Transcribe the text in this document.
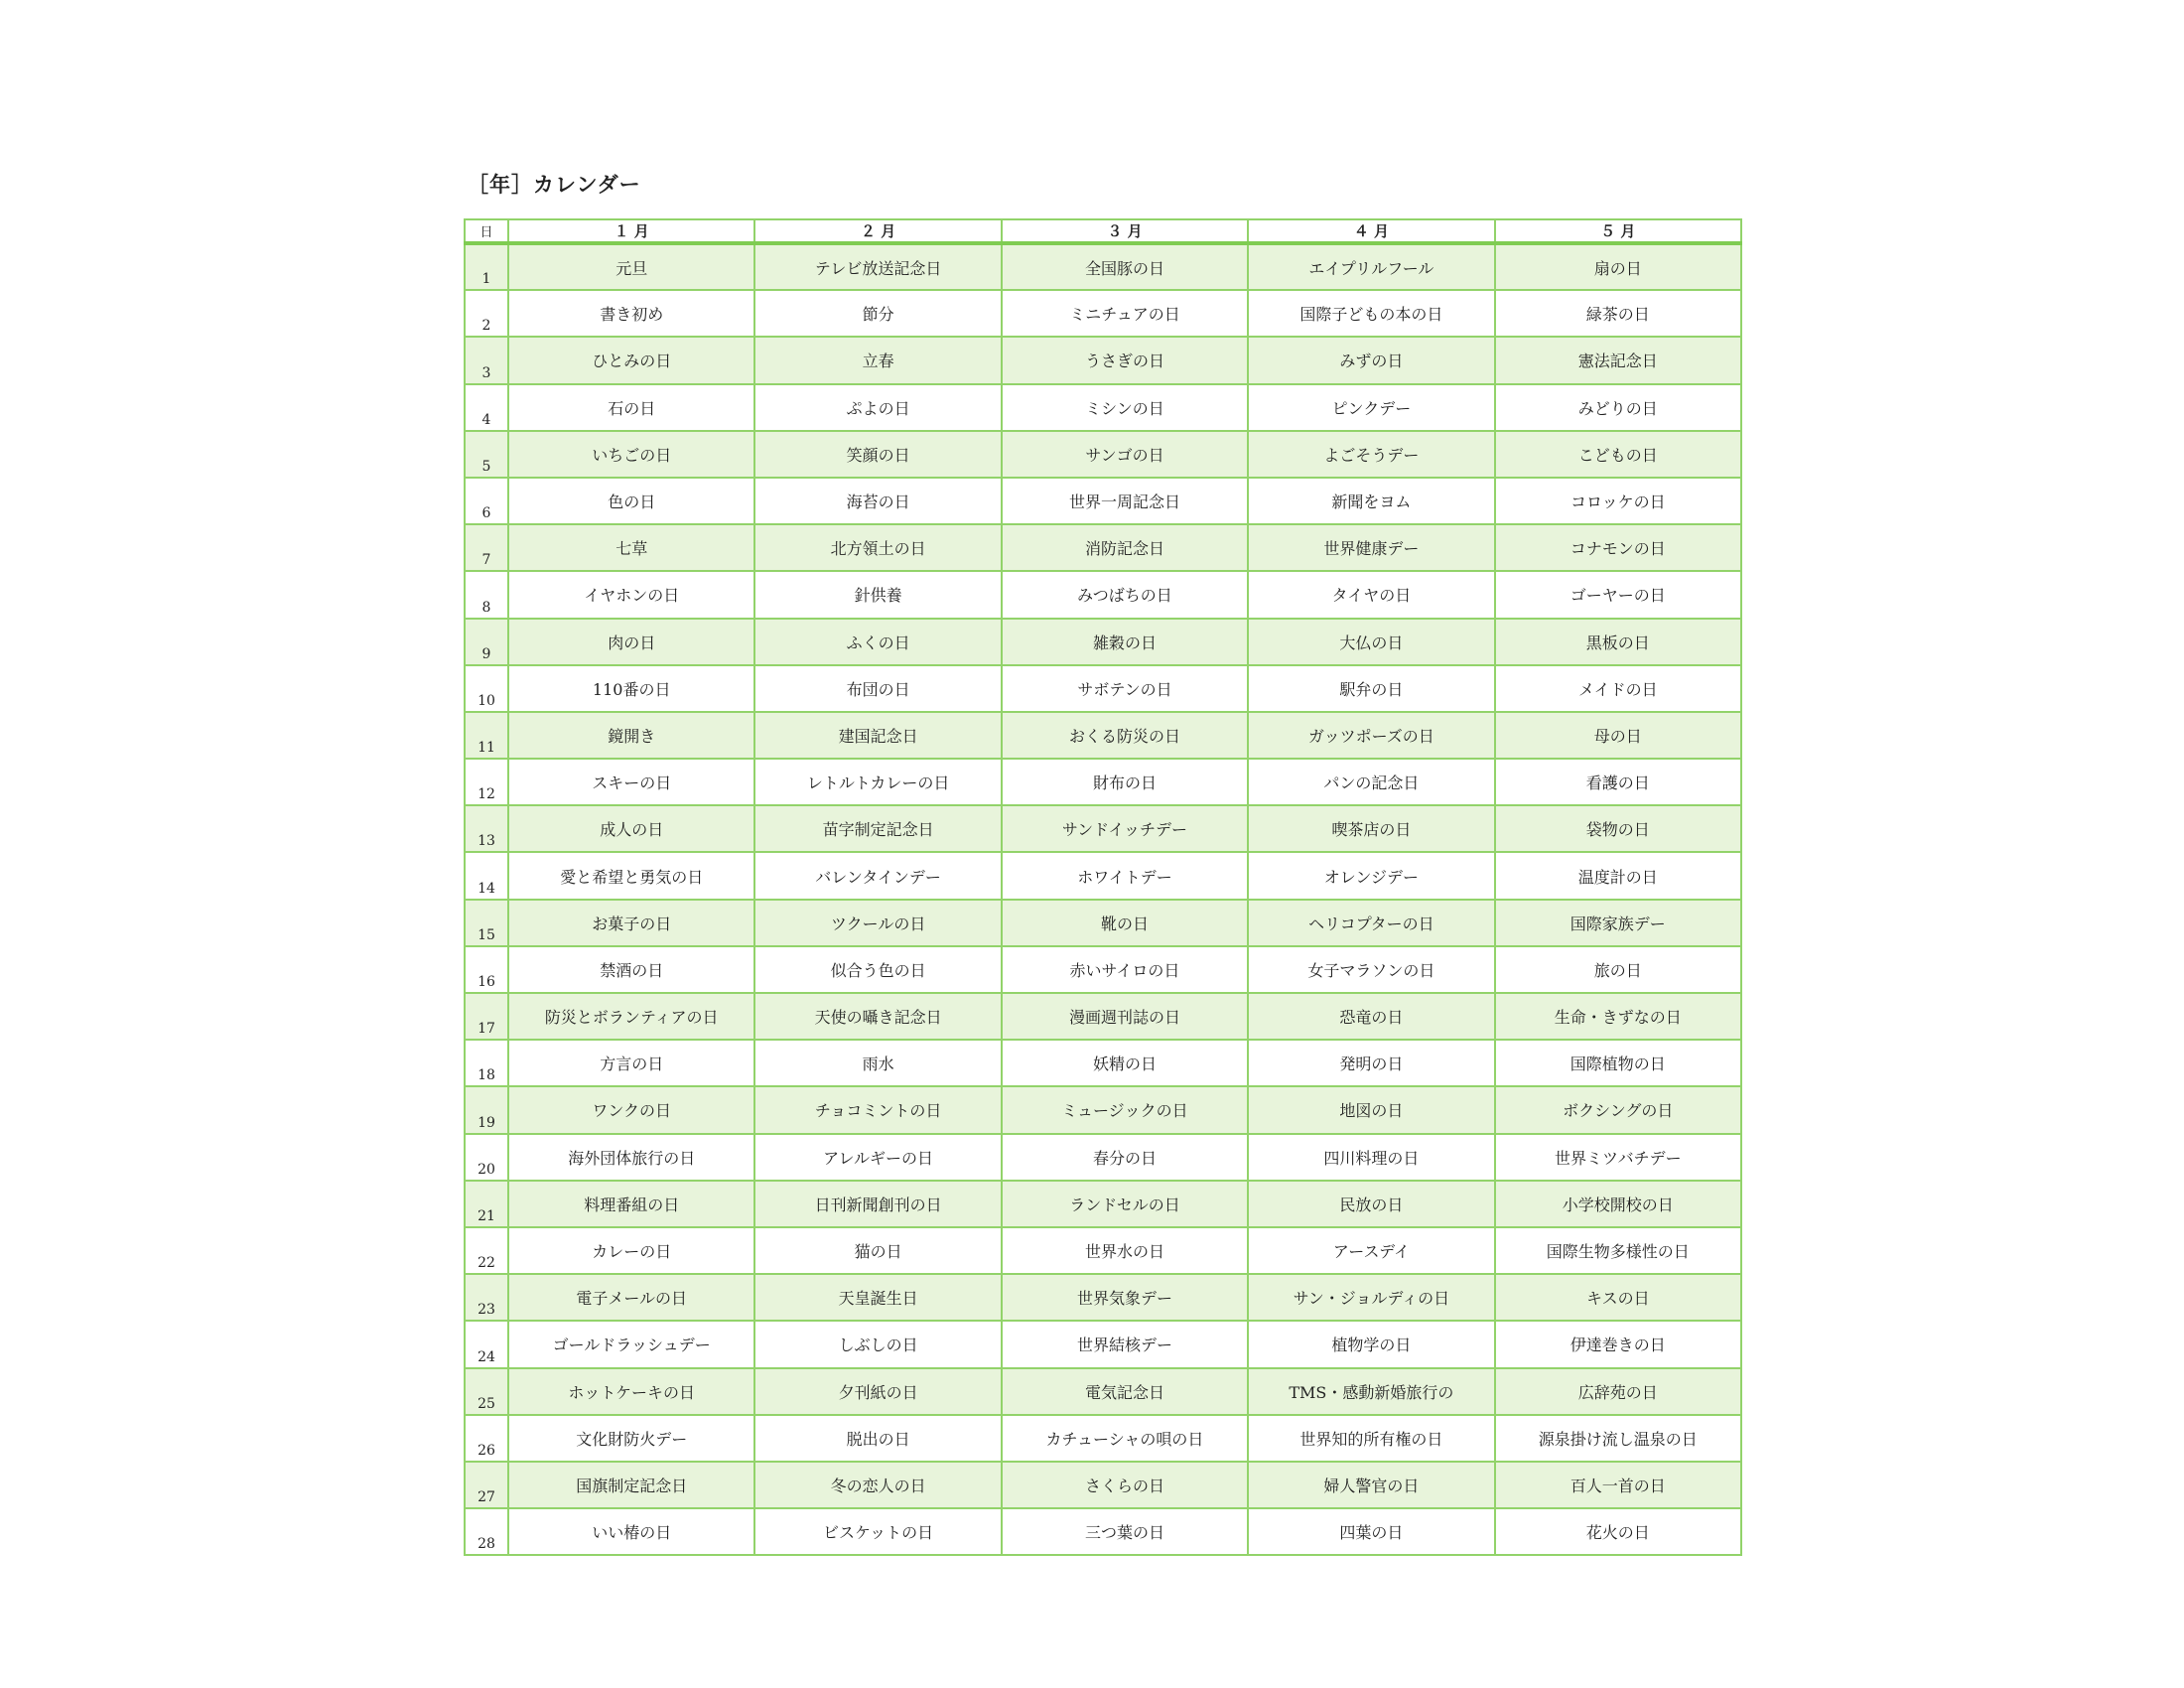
［年］カレンダー
日	１ 月	２ 月	３ 月	４ 月	５ 月
1	元旦	テレビ放送記念日	全国豚の日	エイプリルフール	扇の日
2	書き初め	節分	ミニチュアの日	国際子どもの本の日	緑茶の日
3	ひとみの日	立春	うさぎの日	みずの日	憲法記念日
4	石の日	ぷよの日	ミシンの日	ピンクデー	みどりの日
5	いちごの日	笑顔の日	サンゴの日	よごそうデー	こどもの日
6	色の日	海苔の日	世界一周記念日	新聞をヨム	コロッケの日
7	七草	北方領土の日	消防記念日	世界健康デー	コナモンの日
8	イヤホンの日	針供養	みつばちの日	タイヤの日	ゴーヤーの日
9	肉の日	ふくの日	雑穀の日	大仏の日	黒板の日
10	110番の日	布団の日	サボテンの日	駅弁の日	メイドの日
11	鏡開き	建国記念日	おくる防災の日	ガッツポーズの日	母の日
12	スキーの日	レトルトカレーの日	財布の日	パンの記念日	看護の日
13	成人の日	苗字制定記念日	サンドイッチデー	喫茶店の日	袋物の日
14	愛と希望と勇気の日	バレンタインデー	ホワイトデー	オレンジデー	温度計の日
15	お菓子の日	ツクールの日	靴の日	ヘリコプターの日	国際家族デー
16	禁酒の日	似合う色の日	赤いサイロの日	女子マラソンの日	旅の日
17	防災とボランティアの日	天使の囁き記念日	漫画週刊誌の日	恐竜の日	生命・きずなの日
18	方言の日	雨水	妖精の日	発明の日	国際植物の日
19	ワンクの日	チョコミントの日	ミュージックの日	地図の日	ボクシングの日
20	海外団体旅行の日	アレルギーの日	春分の日	四川料理の日	世界ミツバチデー
21	料理番組の日	日刊新聞創刊の日	ランドセルの日	民放の日	小学校開校の日
22	カレーの日	猫の日	世界水の日	アースデイ	国際生物多様性の日
23	電子メールの日	天皇誕生日	世界気象デー	サン・ジョルディの日	キスの日
24	ゴールドラッシュデー	しぶしの日	世界結核デー	植物学の日	伊達巻きの日
25	ホットケーキの日	夕刊紙の日	電気記念日	TMS・感動新婚旅行の	広辞苑の日
26	文化財防火デー	脱出の日	カチューシャの唄の日	世界知的所有権の日	源泉掛け流し温泉の日
27	国旗制定記念日	冬の恋人の日	さくらの日	婦人警官の日	百人一首の日
28	いい椿の日	ビスケットの日	三つ葉の日	四葉の日	花火の日
